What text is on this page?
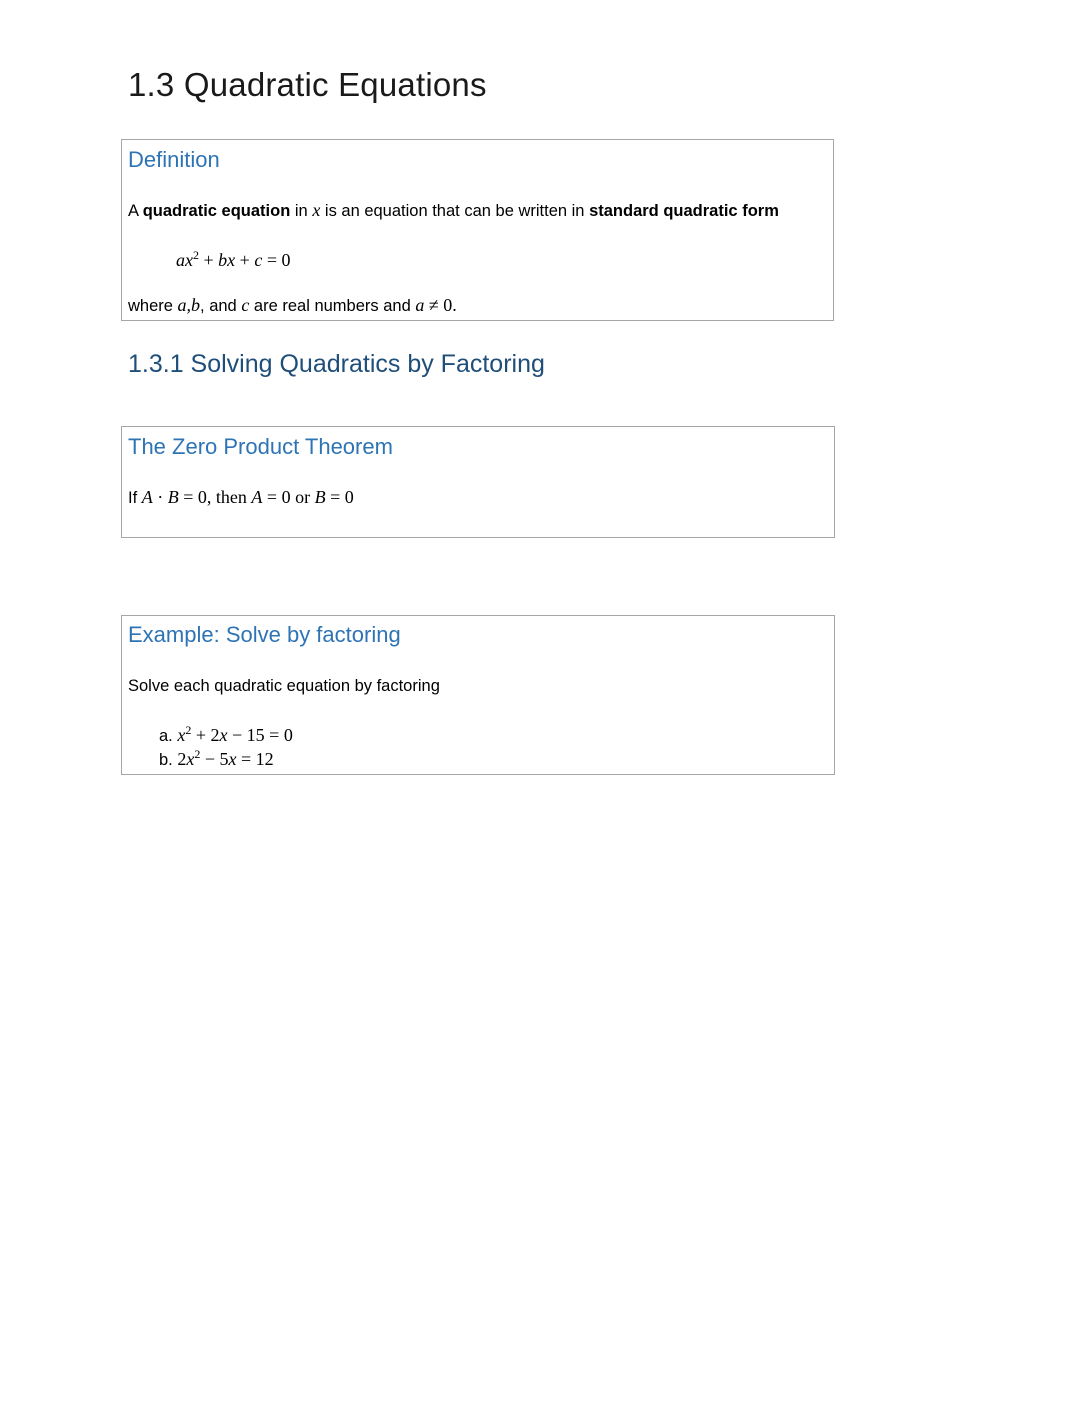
1.3 Quadratic Equations
Definition
A quadratic equation in x is an equation that can be written in standard quadratic form
$ax^2$ + bx + c = 0
where a,b, and c are real numbers and a ≠ 0.
1.3.1 Solving Quadratics by Factoring
The Zero Product Theorem
If A · B = 0, then A = 0 or B = 0
Example: Solve by factoring
Solve each quadratic equation by factoring
a. $x^2 + 2x - 15 = 0$
b. $2x^2 - 5x = 12$
